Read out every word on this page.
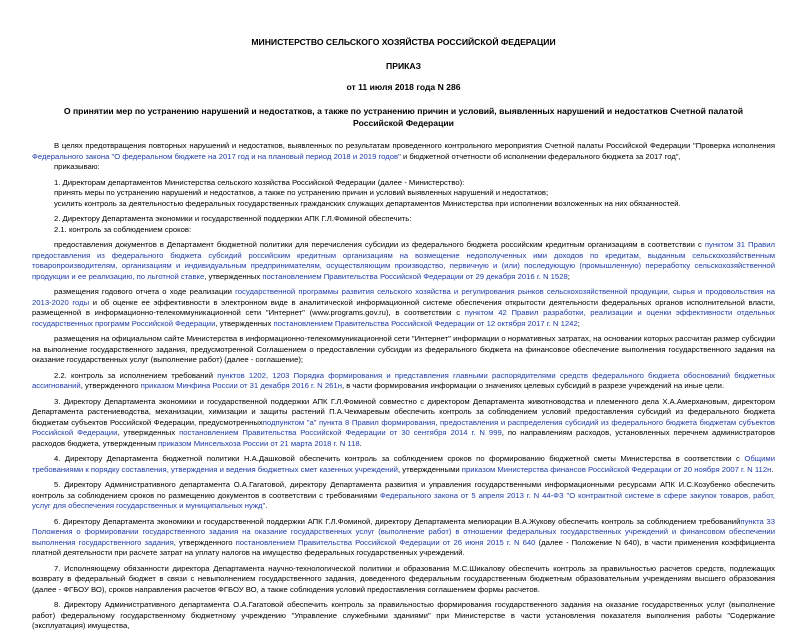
МИНИСТЕРСТВО СЕЛЬСКОГО ХОЗЯЙСТВА РОССИЙСКОЙ ФЕДЕРАЦИИ
ПРИКАЗ
от 11 июля 2018 года N 286
О принятии мер по устранению нарушений и недостатков, а также по устранению причин и условий, выявленных нарушений и недостатков Счетной палатой Российской Федерации

В целях предотвращения повторных нарушений и недостатков, выявленных по результатам проведенного контрольного мероприятия Счетной палаты Российской Федерации "Проверка исполнения Федерального закона "О федеральном бюджете на 2017 год и на плановый период 2018 и 2019 годов" и бюджетной отчетности об исполнении федерального бюджета за 2017 год",

приказываю:

1. Директорам департаментов Министерства сельского хозяйства Российской Федерации (далее - Министерство):

принять меры по устранению нарушений и недостатков, а также по устранению причин и условий выявленных нарушений и недостатков;

усилить контроль за деятельностью федеральных государственных гражданских служащих департаментов Министерства при исполнении возложенных на них обязанностей.

2. Директору Департамента экономики и государственной поддержки АПК Г.Л.Фоминой обеспечить:

2.1. контроль за соблюдением сроков:

предоставления документов в Департамент бюджетной политики для перечисления субсидии из федерального бюджета российским кредитным организациям в соответствии с пунктом 31 Правил предоставления из федерального бюджета субсидий российским кредитным организациям на возмещение недополученных ими доходов по кредитам, выданным сельскохозяйственным товаропроизводителям, организациям и индивидуальным предпринимателям, осуществляющим производство, первичную и (или) последующую (промышленную) переработку сельскохозяйственной продукции и ее реализацию, по льготной ставке, утвержденных постановлением Правительства Российской Федерации от 29 декабря 2016 г. N 1528;

размещения годового отчета о ходе реализации государственной программы развития сельского хозяйства и регулирования рынков сельскохозяйственной продукции, сырья и продовольствия на 2013-2020 годы и об оценке ее эффективности в электронном виде в аналитической информационной системе обеспечения открытости деятельности федеральных органов исполнительной власти, размещенной в информационно-телекоммуникационной сети "Интернет" (www.programs.gov.ru), в соответствии с пунктом 42 Правил разработки, реализации и оценки эффективности отдельных государственных программ Российской Федерации, утвержденных постановлением Правительства Российской Федерации от 12 октября 2017 г. N 1242;

размещения на официальном сайте Министерства в информационно-телекоммуникационной сети "Интернет" информации о нормативных затратах, на основании которых рассчитан размер субсидии на выполнение государственного задания, предусмотренной Соглашением о предоставлении субсидии из федерального бюджета на финансовое обеспечение выполнения государственного задания на оказание государственных услуг (выполнение работ) (далее - соглашение);

2.2. контроль за исполнением требований пунктов 1202, 1203 Порядка формирования и представления главными распорядителями средств федерального бюджета обоснований бюджетных ассигнований, утвержденного приказом Минфина России от 31 декабря 2016 г. N 261н, в части формирования информации о значениях целевых субсидий в разрезе учреждений на иные цели.

3. Директору Департамента экономики и государственной поддержки АПК Г.Л.Фоминой совместно с директором Департамента животноводства и племенного дела Х.А.Амерхановым, директором Департамента растениеводства, механизации, химизации и защиты растений П.А.Чекмаревым обеспечить контроль за соблюдением условий предоставления субсидий из федерального бюджета бюджетам субъектов Российской Федерации, предусмотренныхподпунктом "а" пункта 8 Правил формирования, предоставления и распределения субсидий из федерального бюджета бюджетам субъектов Российской Федерации, утвержденных постановлением Правительства Российской Федерации от 30 сентября 2014 г. N 999, по направлениям расходов, установленных перечнем администраторов расходов бюджета, утвержденным приказом Минсельхоза России от 21 марта 2018 г. N 118.

4. Директору Департамента бюджетной политики Н.А.Дашковой обеспечить контроль за соблюдением сроков по формированию бюджетной сметы Министерства в соответствии с Общими требованиями к порядку составления, утверждения и ведения бюджетных смет казенных учреждений, утвержденными приказом Министерства финансов Российской Федерации от 20 ноября 2007 г. N 112н.

5. Директору Административного департамента О.А.Гагатовой, директору Департамента развития и управления государственными информационными ресурсами АПК И.С.Козубенко обеспечить контроль за соблюдением сроков по размещению документов в соответствии с требованиями Федерального закона от 5 апреля 2013 г. N 44-ФЗ "О контрактной системе в сфере закупок товаров, работ, услуг для обеспечения государственных и муниципальных нужд".

6. Директору Департамента экономики и государственной поддержки АПК Г.Л.Фоминой, директору Департамента мелиорации В.А.Жукову обеспечить контроль за соблюдением требованийпункта 33 Положения о формировании государственного задания на оказание государственных услуг (выполнение работ) в отношении федеральных государственных учреждений и финансовом обеспечении выполнения государственного задания, утвержденного постановлением Правительства Российской Федерации от 26 июня 2015 г. N 640 (далее - Положение N 640), в части применения коэффициента платной деятельности при расчете затрат на уплату налогов на имущество федеральных государственных учреждений.

7. Исполняющему обязанности директора Департамента научно-технологической политики и образования М.С.Шикалову обеспечить контроль за правильностью расчетов средств, подлежащих возврату в федеральный бюджет в связи с невыполнением государственного задания, доведенного федеральным государственным бюджетным образовательным учреждениям высшего образования (далее - ФГБОУ ВО), сроков направления расчетов ФГБОУ ВО, а также соблюдения условий предоставления соглашением формы расчетов.

8. Директору Административного департамента О.А.Гагатовой обеспечить контроль за правильностью формирования государственного задания на оказание государственных услуг (выполнение работ) федеральному государственному бюджетному учреждению "Управление служебными зданиями" при Министерстве в части установления показателя выполнения работы "Содержание (эксплуатация) имущества,
